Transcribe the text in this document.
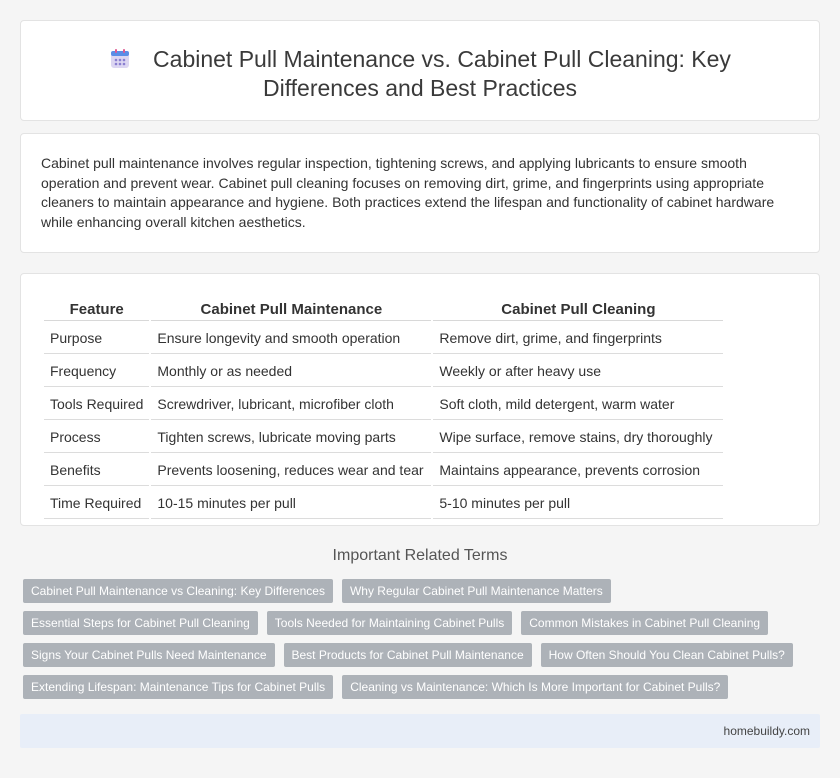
Cabinet Pull Maintenance vs. Cabinet Pull Cleaning: Key Differences and Best Practices

Cabinet pull maintenance involves regular inspection, tightening screws, and applying lubricants to ensure smooth operation and prevent wear. Cabinet pull cleaning focuses on removing dirt, grime, and fingerprints using appropriate cleaners to maintain appearance and hygiene. Both practices extend the lifespan and functionality of cabinet hardware while enhancing overall kitchen aesthetics.

Feature	Cabinet Pull Maintenance	Cabinet Pull Cleaning
Purpose	Ensure longevity and smooth operation	Remove dirt, grime, and fingerprints
Frequency	Monthly or as needed	Weekly or after heavy use
Tools Required	Screwdriver, lubricant, microfiber cloth	Soft cloth, mild detergent, warm water
Process	Tighten screws, lubricate moving parts	Wipe surface, remove stains, dry thoroughly
Benefits	Prevents loosening, reduces wear and tear	Maintains appearance, prevents corrosion
Time Required	10-15 minutes per pull	5-10 minutes per pull
Important Related Terms
Cabinet Pull Maintenance vs Cleaning: Key Differences	Why Regular Cabinet Pull Maintenance Matters
Essential Steps for Cabinet Pull Cleaning	Tools Needed for Maintaining Cabinet Pulls	Common Mistakes in Cabinet Pull Cleaning
Signs Your Cabinet Pulls Need Maintenance	Best Products for Cabinet Pull Maintenance	How Often Should You Clean Cabinet Pulls?
Extending Lifespan: Maintenance Tips for Cabinet Pulls	Cleaning vs Maintenance: Which Is More Important for Cabinet Pulls?
homebuildy.com
